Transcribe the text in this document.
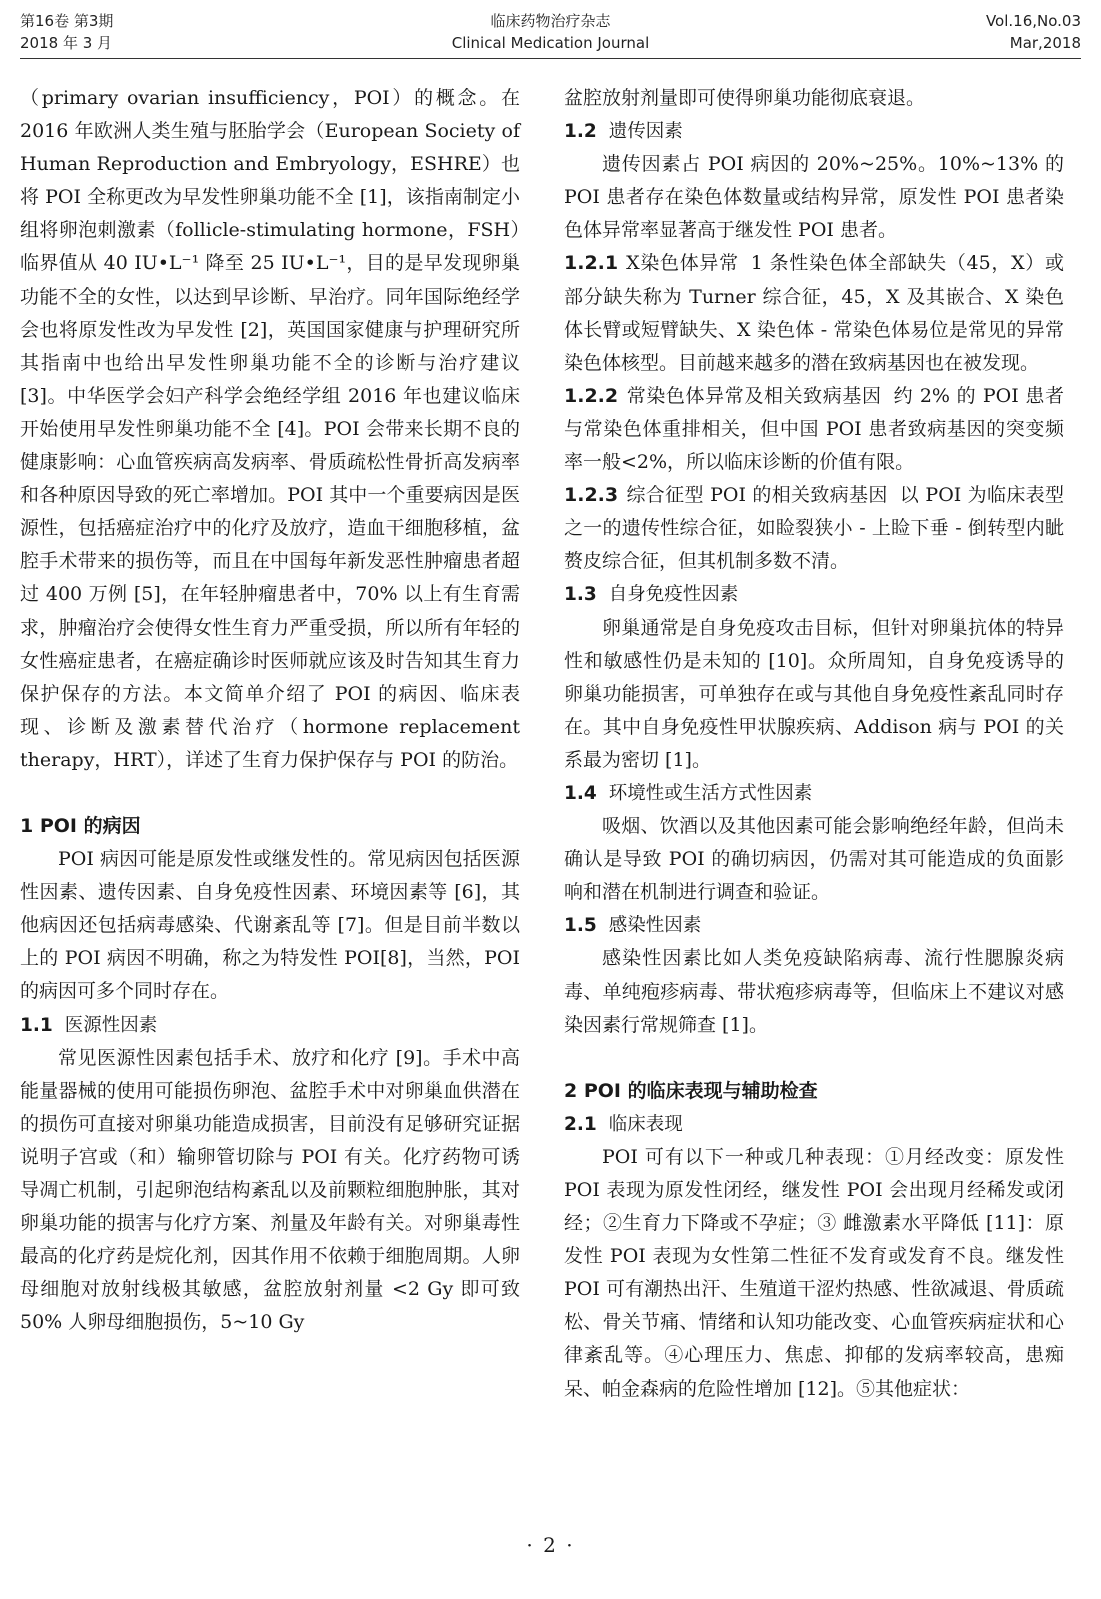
第16卷 第3期
2018 年 3 月
临床药物治疗杂志
Clinical Medication Journal
Vol.16,No.03
Mar,2018

（primary ovarian insufficiency，POI）的概念。在 2016 年欧洲人类生殖与胚胎学会（European Society of Human Reproduction and Embryology，ESHRE）也将 POI 全称更改为早发性卵巢功能不全 [1]，该指南制定小组将卵泡刺激素（follicle-stimulating hormone，FSH）临界值从 40 IU•L⁻¹ 降至 25 IU•L⁻¹，目的是早发现卵巢功能不全的女性，以达到早诊断、早治疗。同年国际绝经学会也将原发性改为早发性 [2]，英国国家健康与护理研究所其指南中也给出早发性卵巢功能不全的诊断与治疗建议 [3]。中华医学会妇产科学会绝经学组 2016 年也建议临床开始使用早发性卵巢功能不全 [4]。POI 会带来长期不良的健康影响：心血管疾病高发病率、骨质疏松性骨折高发病率和各种原因导致的死亡率增加。POI 其中一个重要病因是医源性，包括癌症治疗中的化疗及放疗，造血干细胞移植，盆腔手术带来的损伤等，而且在中国每年新发恶性肿瘤患者超过 400 万例 [5]，在年轻肿瘤患者中，70% 以上有生育需求，肿瘤治疗会使得女性生育力严重受损，所以所有年轻的女性癌症患者，在癌症确诊时医师就应该及时告知其生育力保护保存的方法。本文简单介绍了 POI 的病因、临床表现、诊断及激素替代治疗（hormone replacement therapy，HRT），详述了生育力保护保存与 POI 的防治。

1 POI 的病因

POI 病因可能是原发性或继发性的。常见病因包括医源性因素、遗传因素、自身免疫性因素、环境因素等 [6]，其他病因还包括病毒感染、代谢紊乱等 [7]。但是目前半数以上的 POI 病因不明确，称之为特发性 POI[8]，当然，POI 的病因可多个同时存在。

1.1 医源性因素

常见医源性因素包括手术、放疗和化疗 [9]。手术中高能量器械的使用可能损伤卵泡、盆腔手术中对卵巢血供潜在的损伤可直接对卵巢功能造成损害，目前没有足够研究证据说明子宫或（和）输卵管切除与 POI 有关。化疗药物可诱导凋亡机制，引起卵泡结构紊乱以及前颗粒细胞肿胀，其对卵巢功能的损害与化疗方案、剂量及年龄有关。对卵巢毒性最高的化疗药是烷化剂，因其作用不依赖于细胞周期。人卵母细胞对放射线极其敏感，盆腔放射剂量 <2 Gy 即可致 50% 人卵母细胞损伤，5~10 Gy

盆腔放射剂量即可使得卵巢功能彻底衰退。

1.2 遗传因素

遗传因素占 POI 病因的 20%~25%。10%~13% 的 POI 患者存在染色体数量或结构异常，原发性 POI 患者染色体异常率显著高于继发性 POI 患者。

1.2.1 X染色体异常 1 条性染色体全部缺失（45，X）或部分缺失称为 Turner 综合征，45，X 及其嵌合、X 染色体长臂或短臂缺失、X 染色体 - 常染色体易位是常见的异常染色体核型。目前越来越多的潜在致病基因也在被发现。

1.2.2 常染色体异常及相关致病基因 约 2% 的 POI 患者与常染色体重排相关，但中国 POI 患者致病基因的突变频率一般<2%，所以临床诊断的价值有限。

1.2.3 综合征型 POI 的相关致病基因 以 POI 为临床表型之一的遗传性综合征，如睑裂狭小 - 上睑下垂 - 倒转型内眦赘皮综合征，但其机制多数不清。

1.3 自身免疫性因素

卵巢通常是自身免疫攻击目标，但针对卵巢抗体的特异性和敏感性仍是未知的 [10]。众所周知，自身免疫诱导的卵巢功能损害，可单独存在或与其他自身免疫性紊乱同时存在。其中自身免疫性甲状腺疾病、Addison 病与 POI 的关系最为密切 [1]。

1.4 环境性或生活方式性因素

吸烟、饮酒以及其他因素可能会影响绝经年龄，但尚未确认是导致 POI 的确切病因，仍需对其可能造成的负面影响和潜在机制进行调查和验证。

1.5 感染性因素

感染性因素比如人类免疫缺陷病毒、流行性腮腺炎病毒、单纯疱疹病毒、带状疱疹病毒等，但临床上不建议对感染因素行常规筛查 [1]。

2 POI 的临床表现与辅助检查

2.1 临床表现

POI 可有以下一种或几种表现：①月经改变：原发性 POI 表现为原发性闭经，继发性 POI 会出现月经稀发或闭经；②生育力下降或不孕症；③ 雌激素水平降低 [11]：原发性 POI 表现为女性第二性征不发育或发育不良。继发性 POI 可有潮热出汗、生殖道干涩灼热感、性欲减退、骨质疏松、骨关节痛、情绪和认知功能改变、心血管疾病症状和心律紊乱等。④心理压力、焦虑、抑郁的发病率较高，患痴呆、帕金森病的危险性增加 [12]。⑤其他症状：

· 2 ·
